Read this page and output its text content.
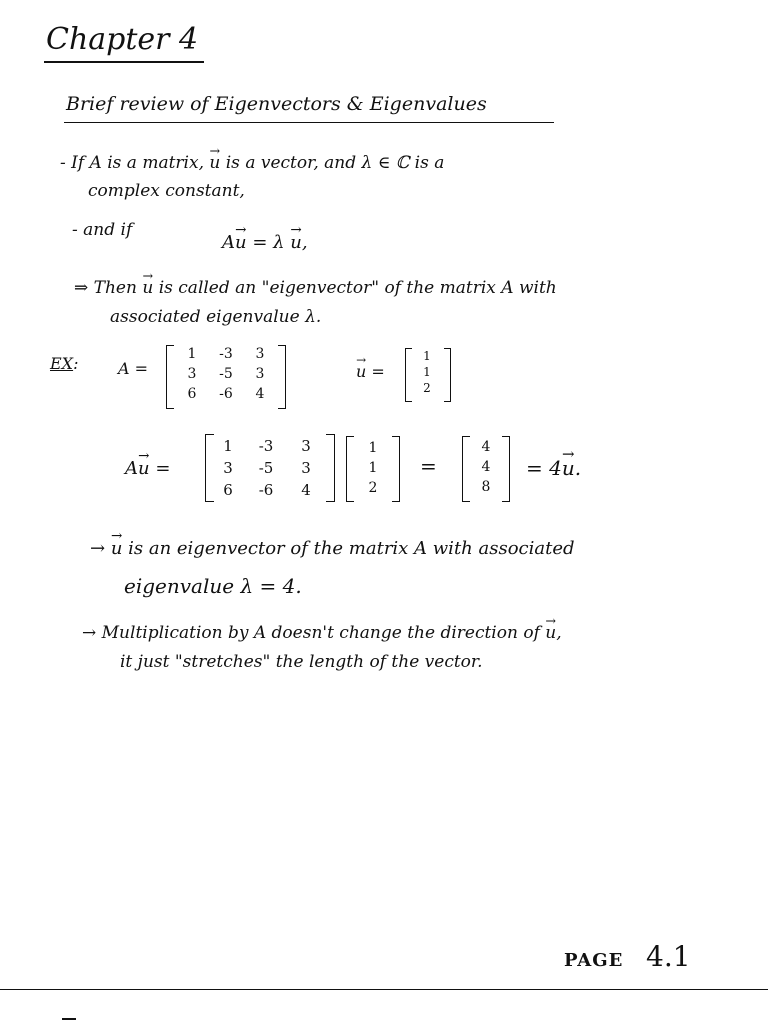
Chapter 4
Brief review of Eigenvectors & Eigenvalues
- If A is a matrix, → u is a vector, and λ ∈ ℂ is a
complex constant,
- and if
A→ u = λ → u,
⇒ Then → u is called an "eigenvector" of the matrix A with
associated eigenvalue λ.
EX: A =
1	-3	3
3	-5	3
6	-6	4
→ u =
1
1
2
A→ u =
1	-3	3
3	-5	3
6	-6	4
1
1
2
=
4
4
8
= 4→ u.
→ → u is an eigenvector of the matrix A with associated
eigenvalue λ = 4.
→ Multiplication by A doesn't change the direction of → u,
it just "stretches" the length of the vector.
PAGE 4.1
